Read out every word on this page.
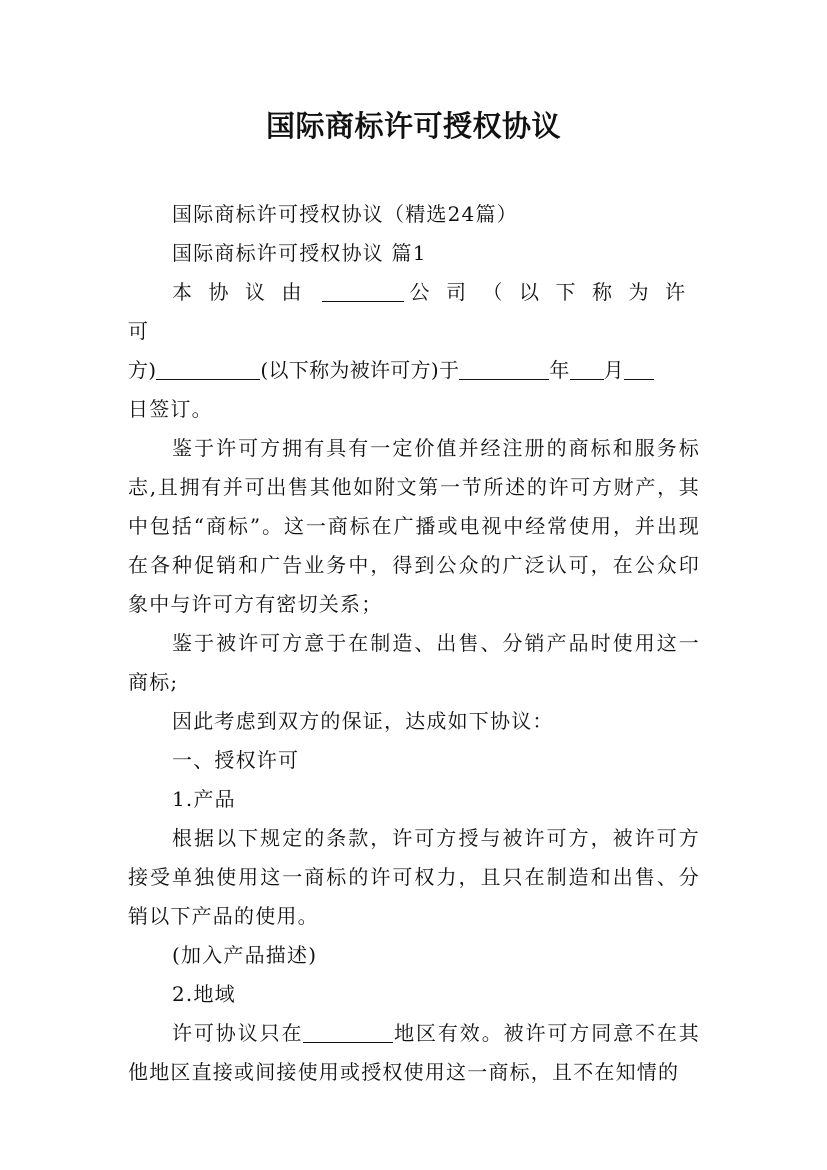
国际商标许可授权协议

国际商标许可授权协议（精选24篇）

国际商标许可授权协议 篇1

本协议由	公司（以下称为许可

方)	(以下称为被许可方)于	年 月

日签订。

鉴于许可方拥有具有一定价值并经注册的商标和服务标志,且拥有并可出售其他如附文第一节所述的许可方财产，其中包括“商标”。这一商标在广播或电视中经常使用，并出现在各种促销和广告业务中，得到公众的广泛认可，在公众印象中与许可方有密切关系；

鉴于被许可方意于在制造、出售、分销产品时使用这一商标;

因此考虑到双方的保证，达成如下协议：

一、授权许可

1.产品

根据以下规定的条款，许可方授与被许可方，被许可方接受单独使用这一商标的许可权力，且只在制造和出售、分销以下产品的使用。

(加入产品描述)

2.地域

许可协议只在	地区有效。被许可方同意不在其他地区直接或间接使用或授权使用这一商标，且不在知情的
